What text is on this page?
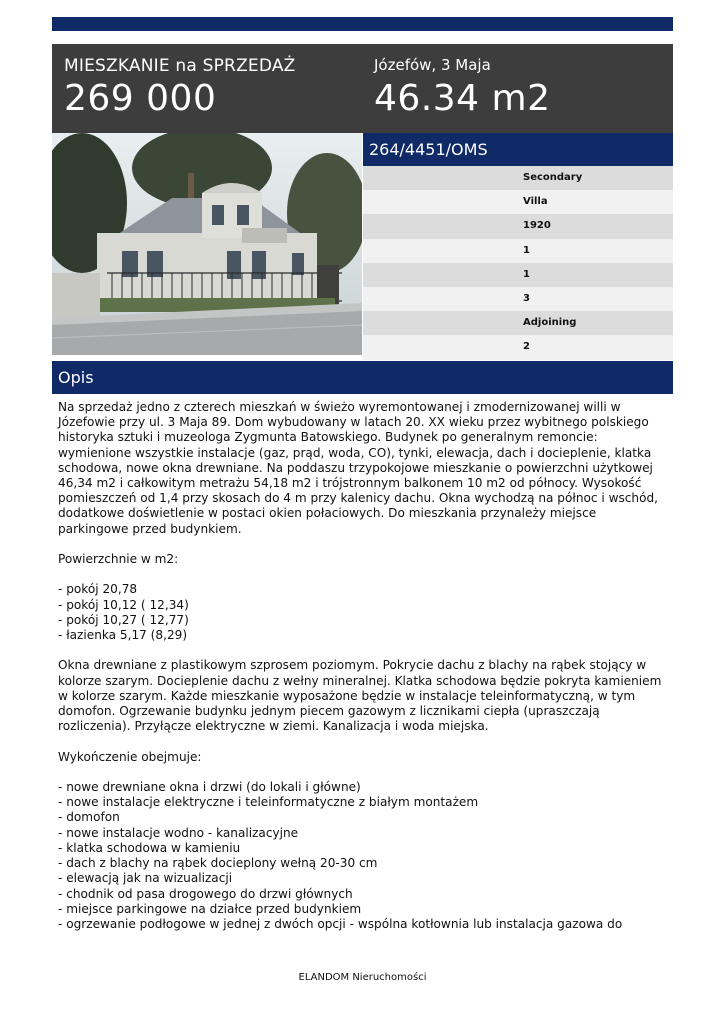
MIESZKANIE na SPRZEDAŻ
269 000
Józefów, 3 Maja
46.34 m2
264/4451/OMS
Secondary
Villa
1920
1
1
3
Adjoining
2
Opis

Na sprzedaż jedno z czterech mieszkań w świeżo wyremontowanej i zmodernizowanej willi w Józefowie przy ul. 3 Maja 89. Dom wybudowany w latach 20. XX wieku przez wybitnego polskiego historyka sztuki i muzeologa Zygmunta Batowskiego. Budynek po generalnym remoncie: wymienione wszystkie instalacje (gaz, prąd, woda, CO), tynki, elewacja, dach i docieplenie, klatka schodowa, nowe okna drewniane. Na poddaszu trzypokojowe mieszkanie o powierzchni użytkowej 46,34 m2 i całkowitym metrażu 54,18 m2 i trójstronnym balkonem 10 m2 od północy. Wysokość pomieszczeń od 1,4 przy skosach do 4 m przy kalenicy dachu. Okna wychodzą na północ i wschód, dodatkowe doświetlenie w postaci okien połaciowych. Do mieszkania przynależy miejsce parkingowe przed budynkiem.

Powierzchnie w m2:

- pokój 20,78

- pokój 10,12 ( 12,34)

- pokój 10,27 ( 12,77)

- łazienka 5,17 (8,29)

Okna drewniane z plastikowym szprosem poziomym. Pokrycie dachu z blachy na rąbek stojący w kolorze szarym. Docieplenie dachu z wełny mineralnej. Klatka schodowa będzie pokryta kamieniem w kolorze szarym. Każde mieszkanie wyposażone będzie w instalacje teleinformatyczną, w tym domofon. Ogrzewanie budynku jednym piecem gazowym z licznikami ciepła (upraszczają rozliczenia). Przyłącze elektryczne w ziemi. Kanalizacja i woda miejska.

Wykończenie obejmuje:

- nowe drewniane okna i drzwi (do lokali i główne)

- nowe instalacje elektryczne i teleinformatyczne z białym montażem

- domofon

- nowe instalacje wodno - kanalizacyjne

- klatka schodowa w kamieniu

- dach z blachy na rąbek docieplony wełną 20-30 cm

- elewacją jak na wizualizacji

- chodnik od pasa drogowego do drzwi głównych

- miejsce parkingowe na działce przed budynkiem

- ogrzewanie podłogowe w jednej z dwóch opcji - wspólna kotłownia lub instalacja gazowa do

ELANDOM Nieruchomości
